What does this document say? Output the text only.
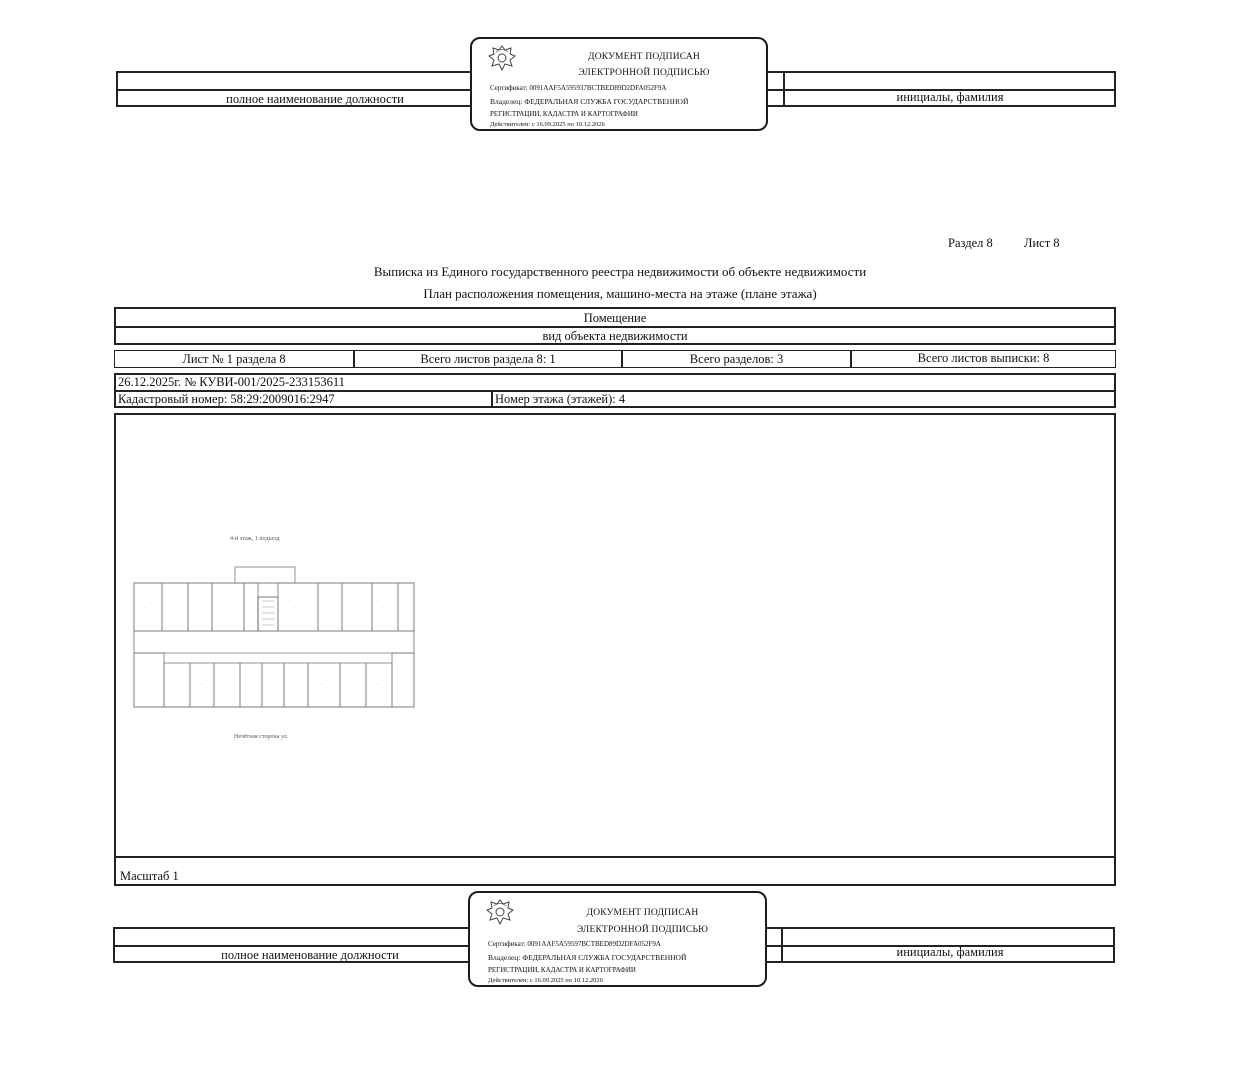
полное наименование должности	инициалы, фамилия
ДОКУМЕНТ ПОДПИСАН
ЭЛЕКТРОННОЙ ПОДПИСЬЮ
Сертификат: 0091AAF5A595937BCTBED89D2DFA052F9A
Владелец: ФЕДЕРАЛЬНАЯ СЛУЖБА ГОСУДАРСТВЕННОЙ
РЕГИСТРАЦИИ, КАДАСТРА И КАРТОГРАФИИ
Действителен: с 16.09.2025 по 10.12.2026
Раздел 8	Лист 8
Выписка из Единого государственного реестра недвижимости об объекте недвижимости
План расположения помещения, машино-места на этаже (плане этажа)
Помещение
вид объекта недвижимости
Лист № 1 раздела 8	Всего листов раздела 8: 1	Всего разделов: 3	Всего листов выписки: 8
26.12.2025г. № КУВИ-001/2025-233153611
Кадастровый номер: 58:29:2009016:2947	Номер этажа (этажей): 4
Масштаб 1
4-й этаж, 1 подъезд
Нечётная сторона ул.
·	·	·	·	·	·
·	·	·	·	·
полное наименование должности	инициалы, фамилия
ДОКУМЕНТ ПОДПИСАН
ЭЛЕКТРОННОЙ ПОДПИСЬЮ
Сертификат: 0091AAF5A59597BCTBED89D2DFA052F9A
Владелец: ФЕДЕРАЛЬНАЯ СЛУЖБА ГОСУДАРСТВЕННОЙ
РЕГИСТРАЦИИ, КАДАСТРА И КАРТОГРАФИИ
Действителен: с 16.09.2025 по 10.12.2026
